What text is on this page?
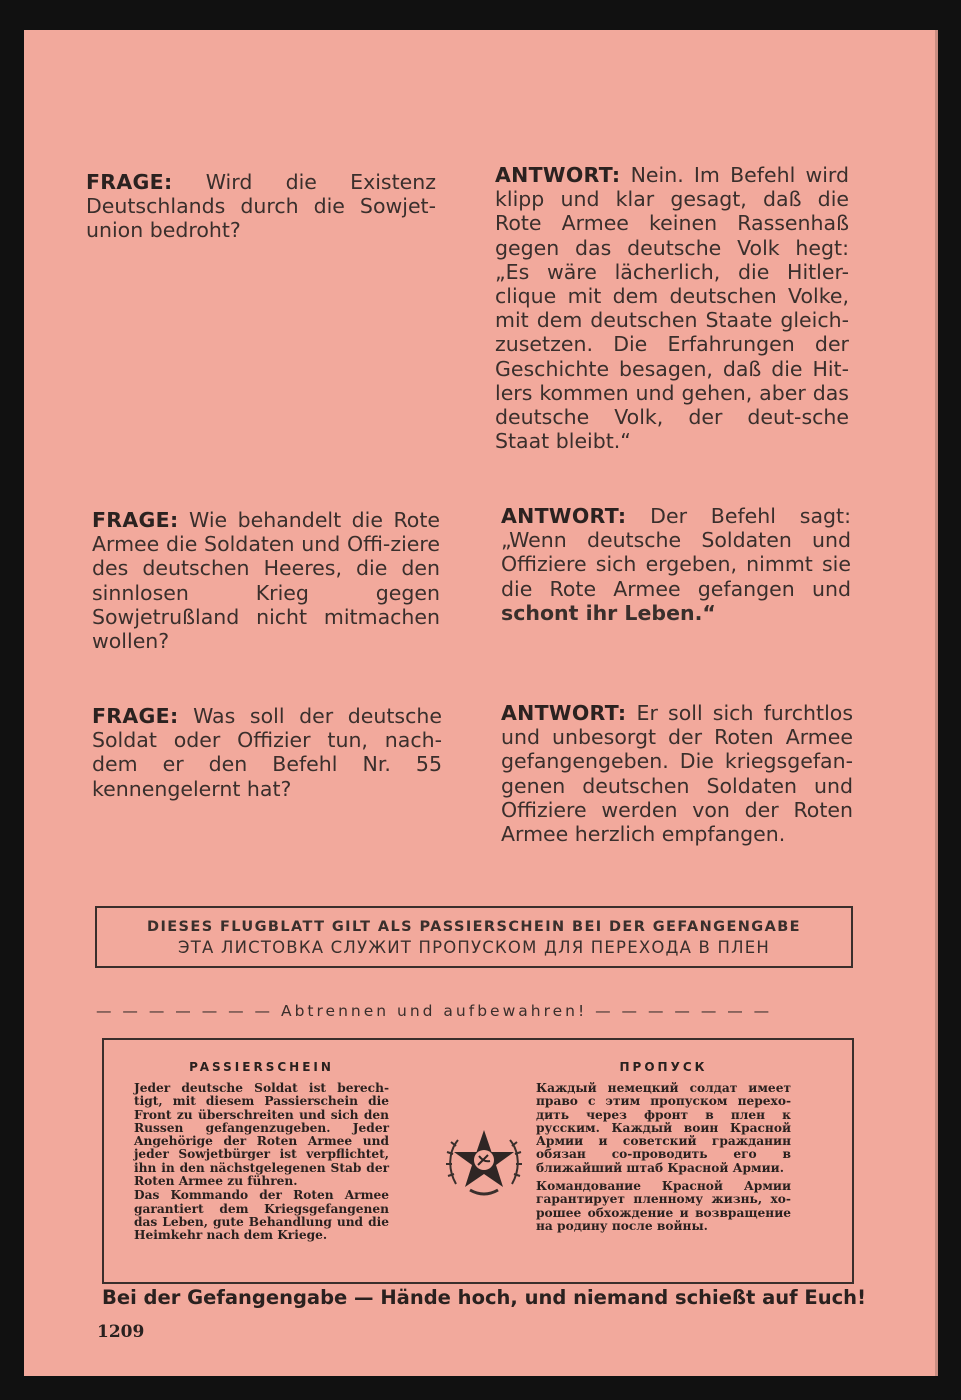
FRAGE: Wird die Existenz Deutschlands durch die Sowjet-union bedroht?
ANTWORT: Nein. Im Befehl wird klipp und klar gesagt, daß die Rote Armee keinen Rassenhaß gegen das deutsche Volk hegt: „Es wäre lächerlich, die Hitler-clique mit dem deutschen Volke, mit dem deutschen Staate gleich-zusetzen. Die Erfahrungen der Geschichte besagen, daß die Hit-lers kommen und gehen, aber das deutsche Volk, der deut-sche Staat bleibt.“
FRAGE: Wie behandelt die Rote Armee die Soldaten und Offi-ziere des deutschen Heeres, die den sinnlosen Krieg gegen Sowjetrußland nicht mitmachen wollen?
ANTWORT: Der Befehl sagt: „Wenn deutsche Soldaten und Offiziere sich ergeben, nimmt sie die Rote Armee gefangen und schont ihr Leben.“
FRAGE: Was soll der deutsche Soldat oder Offizier tun, nach-dem er den Befehl Nr. 55 kennengelernt hat?
ANTWORT: Er soll sich furchtlos und unbesorgt der Roten Armee gefangengeben. Die kriegsgefan-genen deutschen Soldaten und Offiziere werden von der Roten Armee herzlich empfangen.
DIESES FLUGBLATT GILT ALS PASSIERSCHEIN BEI DER GEFANGENGABE
ЭТА ЛИСТОВКА СЛУЖИТ ПРОПУСКОМ ДЛЯ ПЕРЕХОДА В ПЛЕН
— — — — — — — Abtrennen und aufbewahren! — — — — — — —
PASSIERSCHEIN

Jeder deutsche Soldat ist berech-tigt, mit diesem Passierschein die Front zu überschreiten und sich den Russen gefangenzugeben. Jeder Angehörige der Roten Armee und jeder Sowjetbürger ist verpflichtet, ihn in den nächstgelegenen Stab der Roten Armee zu führen.

Das Kommando der Roten Armee garantiert dem Kriegsgefangenen das Leben, gute Behandlung und die Heimkehr nach dem Kriege.

ПРОПУСК

Каждый немецкий солдат имеет право с этим пропуском перехо-дить через фронт в плен к русским. Каждый воин Красной Армии и советский гражданин обязан со-проводить его в ближайший штаб Красной Армии.

Командование Красной Армии гарантирует пленному жизнь, хо-рошее обхождение и возвращение на родину после войны.

Bei der Gefangengabe — Hände hoch, und niemand schießt auf Euch!
1209
